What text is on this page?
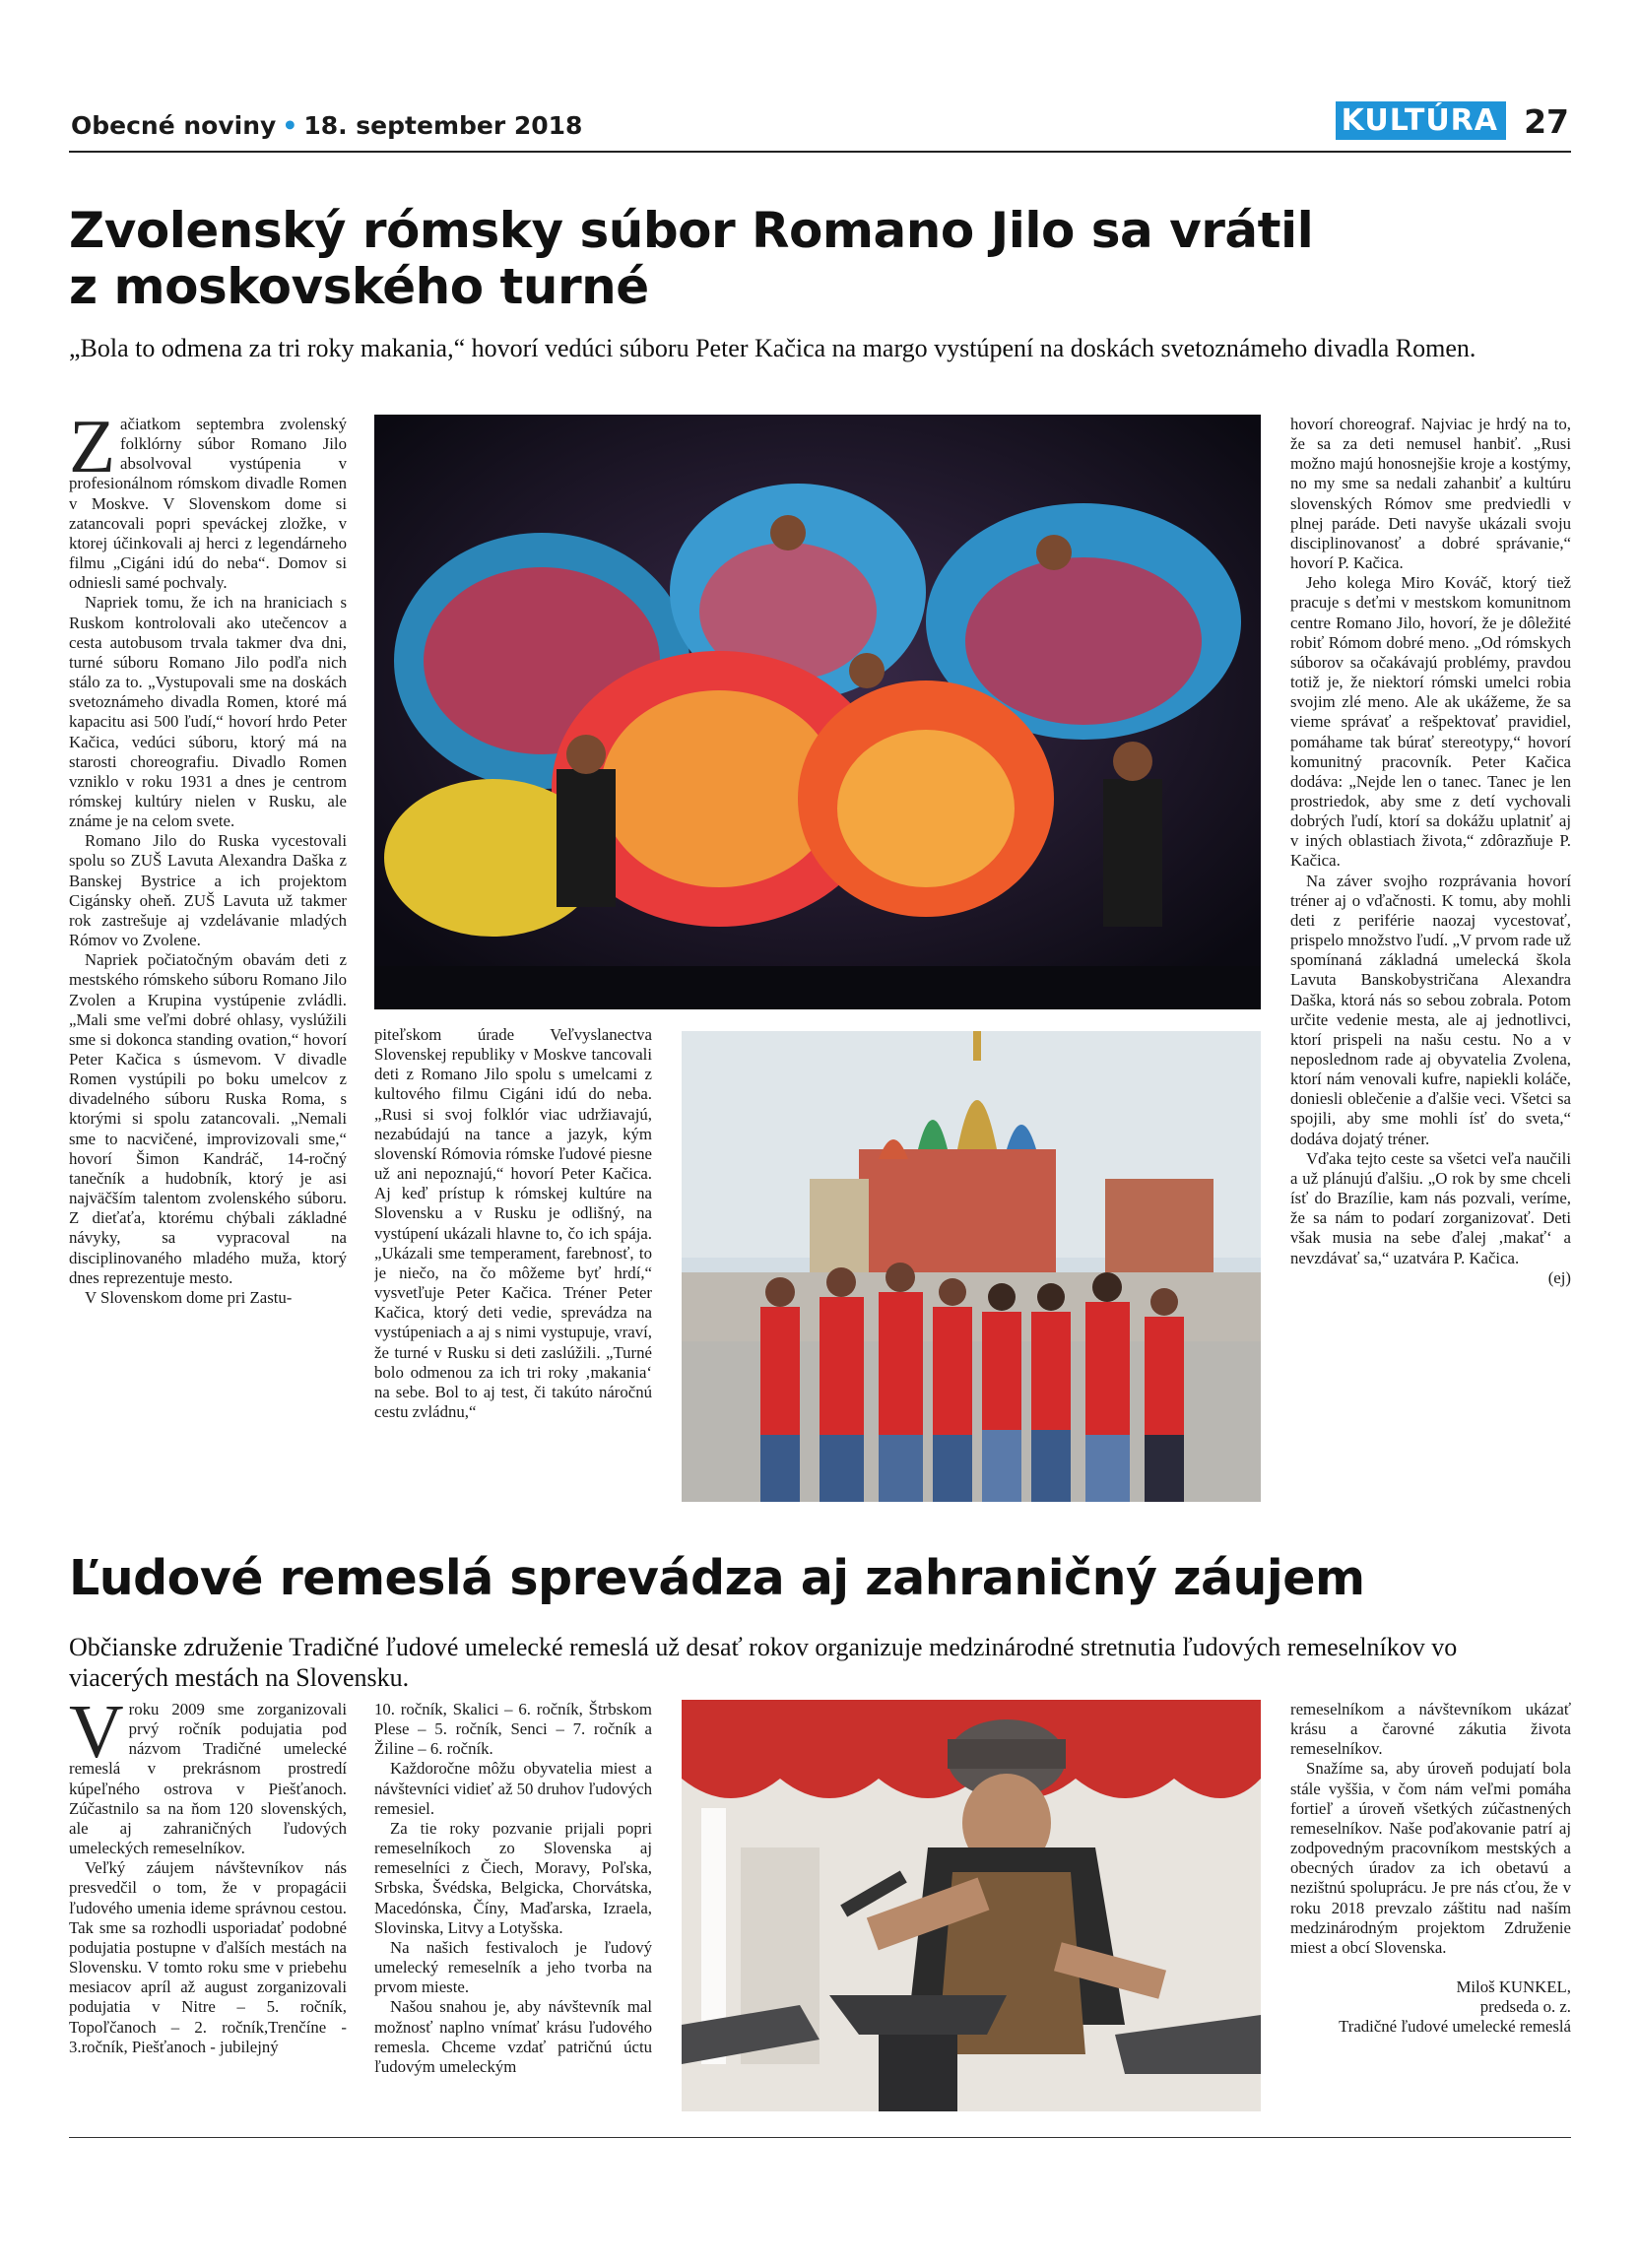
Obecné noviny • 18. september 2018	KULTÚRA 27
Zvolenský rómsky súbor Romano Jilo sa vrátil
z moskovského turné
„Bola to odmena za tri roky makania,“ hovorí vedúci súboru Peter Kačica na margo vystúpení na doskách svetoznámeho divadla Romen.

Začiatkom septembra zvolenský folklórny súbor Romano Jilo absolvoval vystúpenia v profesionálnom rómskom divadle Romen v Moskve. V Slovenskom dome si zatancovali popri speváckej zložke, v ktorej účinkovali aj herci z legendárneho filmu „Cigáni idú do neba“. Domov si odniesli samé pochvaly.

Napriek tomu, že ich na hraniciach s Ruskom kontrolovali ako utečencov a cesta autobusom trvala takmer dva dni, turné súboru Romano Jilo podľa nich stálo za to. „Vystupovali sme na doskách svetoznámeho divadla Romen, ktoré má kapacitu asi 500 ľudí,“ hovorí hrdo Peter Kačica, vedúci súboru, ktorý má na starosti choreografiu. Divadlo Romen vzniklo v roku 1931 a dnes je centrom rómskej kultúry nielen v Rusku, ale známe je na celom svete.

Romano Jilo do Ruska vycestovali spolu so ZUŠ Lavuta Alexandra Daška z Banskej Bystrice a ich projektom Cigánsky oheň. ZUŠ Lavuta už takmer rok zastrešuje aj vzdelávanie mladých Rómov vo Zvolene.

Napriek počiatočným obavám deti z mestského rómskeho súboru Romano Jilo Zvolen a Krupina vystúpenie zvládli. „Mali sme veľmi dobré ohlasy, vyslúžili sme si dokonca standing ovation,“ hovorí Peter Kačica s úsmevom. V divadle Romen vystúpili po boku umelcov z divadelného súboru Ruska Roma, s ktorými si spolu zatancovali. „Nemali sme to nacvičené, improvizovali sme,“ hovorí Šimon Kandráč, 14-ročný tanečník a hudobník, ktorý je asi najväčším talentom zvolenského súboru. Z dieťaťa, ktorému chýbali základné návyky, sa vypracoval na disciplinovaného mladého muža, ktorý dnes reprezentuje mesto.

V Slovenskom dome pri Zastu-

piteľskom úrade Veľvyslanectva Slovenskej republiky v Moskve tancovali deti z Romano Jilo spolu s umelcami z kultového filmu Cigáni idú do neba. „Rusi si svoj folklór viac udržiavajú, nezabúdajú na tance a jazyk, kým slovenskí Rómovia rómske ľudové piesne už ani nepoznajú,“ hovorí Peter Kačica. Aj keď prístup k rómskej kultúre na Slovensku a v Rusku je odlišný, na vystúpení ukázali hlavne to, čo ich spája. „Ukázali sme temperament, farebnosť, to je niečo, na čo môžeme byť hrdí,“ vysvetľuje Peter Kačica. Tréner Peter Kačica, ktorý deti vedie, sprevádza na vystúpeniach a aj s nimi vystupuje, vraví, že turné v Rusku si deti zaslúžili. „Turné bolo odmenou za ich tri roky ‚makania‘ na sebe. Bol to aj test, či takúto náročnú cestu zvládnu,“

hovorí choreograf. Najviac je hrdý na to, že sa za deti nemusel hanbiť. „Rusi možno majú honosnejšie kroje a kostýmy, no my sme sa nedali zahanbiť a kultúru slovenských Rómov sme predviedli v plnej paráde. Deti navyše ukázali svoju disciplinovanosť a dobré správanie,“ hovorí P. Kačica.

Jeho kolega Miro Kováč, ktorý tiež pracuje s deťmi v mestskom komunitnom centre Romano Jilo, hovorí, že je dôležité robiť Rómom dobré meno. „Od rómskych súborov sa očakávajú problémy, pravdou totiž je, že niektorí rómski umelci robia svojim zlé meno. Ale ak ukážeme, že sa vieme správať a rešpektovať pravidiel, pomáhame tak búrať stereotypy,“ hovorí komunitný pracovník. Peter Kačica dodáva: „Nejde len o tanec. Tanec je len prostriedok, aby sme z detí vychovali dobrých ľudí, ktorí sa dokážu uplatniť aj v iných oblastiach života,“ zdôrazňuje P. Kačica.

Na záver svojho rozprávania hovorí tréner aj o vďačnosti. K tomu, aby mohli deti z periférie naozaj vycestovať, prispelo množstvo ľudí. „V prvom rade už spomínaná základná umelecká škola Lavuta Banskobystričana Alexandra Daška, ktorá nás so sebou zobrala. Potom určite vedenie mesta, ale aj jednotlivci, ktorí prispeli na našu cestu. No a v neposlednom rade aj obyvatelia Zvolena, ktorí nám venovali kufre, napiekli koláče, doniesli oblečenie a ďalšie veci. Všetci sa spojili, aby sme mohli ísť do sveta,“ dodáva dojatý tréner.

Vďaka tejto ceste sa všetci veľa naučili a už plánujú ďalšiu. „O rok by sme chceli ísť do Brazílie, kam nás pozvali, veríme, že sa nám to podarí zorganizovať. Deti však musia na sebe ďalej ‚makať‘ a nevzdávať sa,“ uzatvára P. Kačica.

(ej)

Ľudové remeslá sprevádza aj zahraničný záujem
Občianske združenie Tradičné ľudové umelecké remeslá už desať rokov organizuje medzinárodné stretnutia ľudových remeselníkov vo viacerých mestách na Slovensku.

Vroku 2009 sme zorganizovali prvý ročník podujatia pod názvom Tradičné umelecké remeslá v prekrásnom prostredí kúpeľného ostrova v Piešťanoch. Zúčastnilo sa na ňom 120 slovenských, ale aj zahraničných ľudových umeleckých remeselníkov.

Veľký záujem návštevníkov nás presvedčil o tom, že v propagácii ľudového umenia ideme správnou cestou. Tak sme sa rozhodli usporiadať podobné podujatia postupne v ďalších mestách na Slovensku. V tomto roku sme v priebehu mesiacov apríl až august zorganizovali podujatia v Nitre – 5. ročník, Topoľčanoch – 2. ročník,Trenčíne - 3.ročník, Piešťanoch - jubilejný

10. ročník, Skalici – 6. ročník, Štrbskom Plese – 5. ročník, Senci – 7. ročník a Žiline – 6. ročník.

Každoročne môžu obyvatelia miest a návštevníci vidieť až 50 druhov ľudových remesiel.

Za tie roky pozvanie prijali popri remeselníkoch zo Slovenska aj remeselníci z Čiech, Moravy, Poľska, Srbska, Švédska, Belgicka, Chorvátska, Macedónska, Číny, Maďarska, Izraela, Slovinska, Litvy a Lotyšska.

Na našich festivaloch je ľudový umelecký remeselník a jeho tvorba na prvom mieste.

Našou snahou je, aby návštevník mal možnosť naplno vnímať krásu ľudového remesla. Chceme vzdať patričnú úctu ľudovým umeleckým

remeselníkom a návštevníkom ukázať krásu a čarovné zákutia života remeselníkov.

Snažíme sa, aby úroveň podujatí bola stále vyššia, v čom nám veľmi pomáha fortieľ a úroveň všetkých zúčastnených remeselníkov. Naše poďakovanie patrí aj zodpovedným pracovníkom mestských a obecných úradov za ich obetavú a nezištnú spoluprácu. Je pre nás cťou, že v roku 2018 prevzalo záštitu nad naším medzinárodným projektom Združenie miest a obcí Slovenska.

Miloš KUNKEL,

predseda o. z.

Tradičné ľudové umelecké remeslá
